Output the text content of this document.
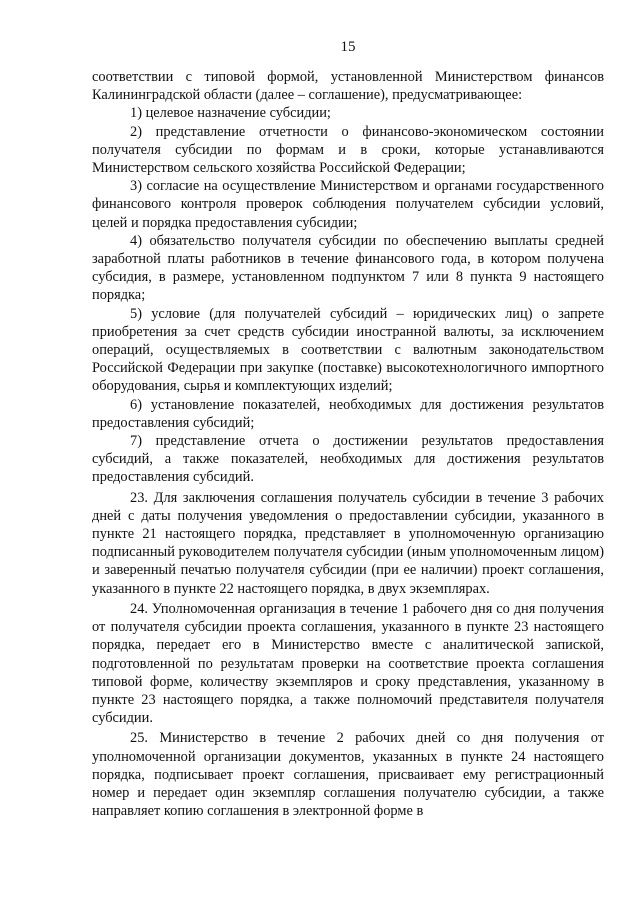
15

соответствии с типовой формой, установленной Министерством финансов Калининградской области (далее – соглашение), предусматривающее:

1) целевое назначение субсидии;

2) представление отчетности о финансово-экономическом состоянии получателя субсидии по формам и в сроки, которые устанавливаются Министерством сельского хозяйства Российской Федерации;

3) согласие на осуществление Министерством и органами государственного финансового контроля проверок соблюдения получателем субсидии условий, целей и порядка предоставления субсидии;

4) обязательство получателя субсидии по обеспечению выплаты средней заработной платы работников в течение финансового года, в котором получена субсидия, в размере, установленном подпунктом 7 или 8 пункта 9 настоящего порядка;

5) условие (для получателей субсидий – юридических лиц) о запрете приобретения за счет средств субсидии иностранной валюты, за исключением операций, осуществляемых в соответствии с валютным законодательством Российской Федерации при закупке (поставке) высокотехнологичного импортного оборудования, сырья и комплектующих изделий;

6) установление показателей, необходимых для достижения результатов предоставления субсидий;

7) представление отчета о достижении результатов предоставления субсидий, а также показателей, необходимых для достижения результатов предоставления субсидий.

23. Для заключения соглашения получатель субсидии в течение 3 рабочих дней с даты получения уведомления о предоставлении субсидии, указанного в пункте 21 настоящего порядка, представляет в уполномоченную организацию подписанный руководителем получателя субсидии (иным уполномоченным лицом) и заверенный печатью получателя субсидии (при ее наличии) проект соглашения, указанного в пункте 22 настоящего порядка, в двух экземплярах.

24. Уполномоченная организация в течение 1 рабочего дня со дня получения от получателя субсидии проекта соглашения, указанного в пункте 23 настоящего порядка, передает его в Министерство вместе с аналитической запиской, подготовленной по результатам проверки на соответствие проекта соглашения типовой форме, количеству экземпляров и сроку представления, указанному в пункте 23 настоящего порядка, а также полномочий представителя получателя субсидии.

25. Министерство в течение 2 рабочих дней со дня получения от уполномоченной организации документов, указанных в пункте 24 настоящего порядка, подписывает проект соглашения, присваивает ему регистрационный номер и передает один экземпляр соглашения получателю субсидии, а также направляет копию соглашения в электронной форме в
